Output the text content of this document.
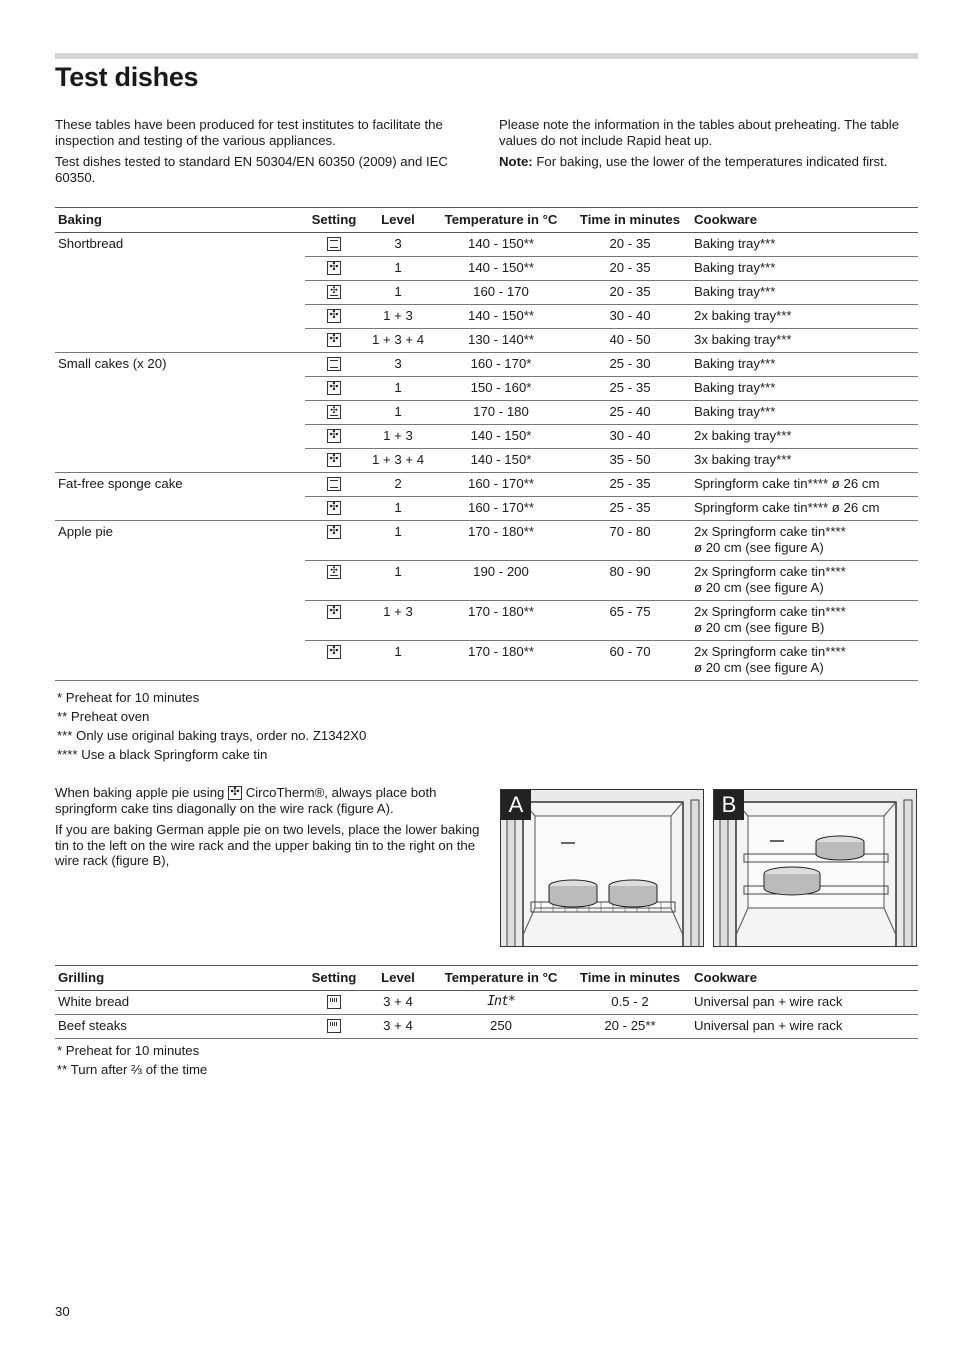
Test dishes

These tables have been produced for test institutes to facilitate the inspection and testing of the various appliances.

Test dishes tested to standard EN 50304/EN 60350 (2009) and IEC 60350.

Please note the information in the tables about preheating. The table values do not include Rapid heat up.

Note: For baking, use the lower of the temperatures indicated first.

Baking	Setting	Level	Temperature in °C	Time in minutes	Cookware
Shortbread		3	140 - 150**	20 - 35	Baking tray***

	✣	1	140 - 150**	20 - 35	Baking tray***

	✣	1	160 - 170	20 - 35	Baking tray***

	✣	1 + 3	140 - 150**	30 - 40	2x baking tray***

	✣	1 + 3 + 4	130 - 140**	40 - 50	3x baking tray***

Small cakes (x 20)		3	160 - 170*	25 - 30	Baking tray***

	✣	1	150 - 160*	25 - 35	Baking tray***

	✣	1	170 - 180	25 - 40	Baking tray***

	✣	1 + 3	140 - 150*	30 - 40	2x baking tray***

	✣	1 + 3 + 4	140 - 150*	35 - 50	3x baking tray***

Fat-free sponge cake		2	160 - 170**	25 - 35	Springform cake tin**** ø 26 cm

	✣	1	160 - 170**	25 - 35	Springform cake tin**** ø 26 cm

Apple pie	✣	1	170 - 180**	70 - 80	2x Springform cake tin****
ø 20 cm (see figure A)

	✣	1	190 - 200	80 - 90	2x Springform cake tin****
ø 20 cm (see figure A)

	✣	1 + 3	170 - 180**	65 - 75	2x Springform cake tin****
ø 20 cm (see figure B)

	✣	1	170 - 180**	60 - 70	2x Springform cake tin****
ø 20 cm (see figure A)
* Preheat for 10 minutes
** Preheat oven
*** Only use original baking trays, order no. Z1342X0
**** Use a black Springform cake tin

When baking apple pie using ✣ CircoTherm®, always place both springform cake tins diagonally on the wire rack (figure A).

If you are baking German apple pie on two levels, place the lower baking tin to the left on the wire rack and the upper baking tin to the right on the wire rack (figure B),

A	B
Grilling	Setting	Level	Temperature in °C	Time in minutes	Cookware
White bread		3 + 4	Int*	0.5 - 2	Universal pan + wire rack
Beef steaks		3 + 4	250	20 - 25**	Universal pan + wire rack
* Preheat for 10 minutes
** Turn after ⅔ of the time
30
